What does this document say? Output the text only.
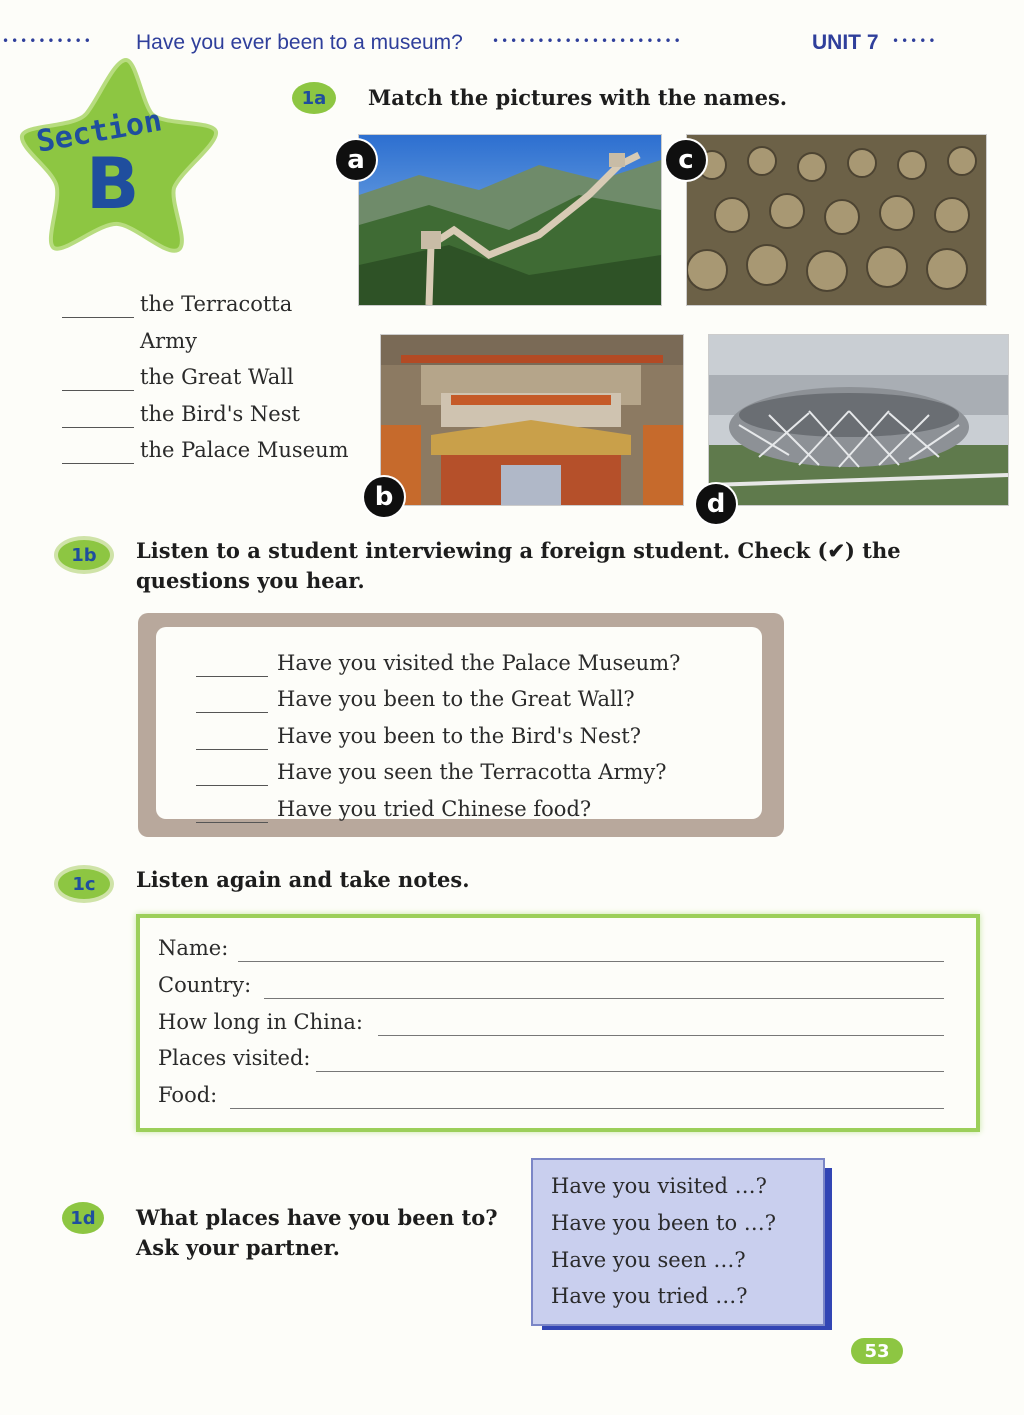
•••••••••• Have you ever been to a museum? •••••••••••••••••••••	UNIT 7 •••••
Section
B
1a	Match the pictures with the names.
a	c
the Terracotta
Army
the Great Wall
the Bird's Nest
the Palace Museum
b	d
1b	Listen to a student interviewing a foreign student. Check (✔) the
questions you hear.
Have you visited the Palace Museum?
Have you been to the Great Wall?
Have you been to the Bird's Nest?
Have you seen the Terracotta Army?
Have you tried Chinese food?
1c	Listen again and take notes.
Name:
Country:
How long in China:
Places visited:
Food:
1d	What places have you been to?
Ask your partner.
Have you visited …?
Have you been to …?
Have you seen …?
Have you tried …?
53
